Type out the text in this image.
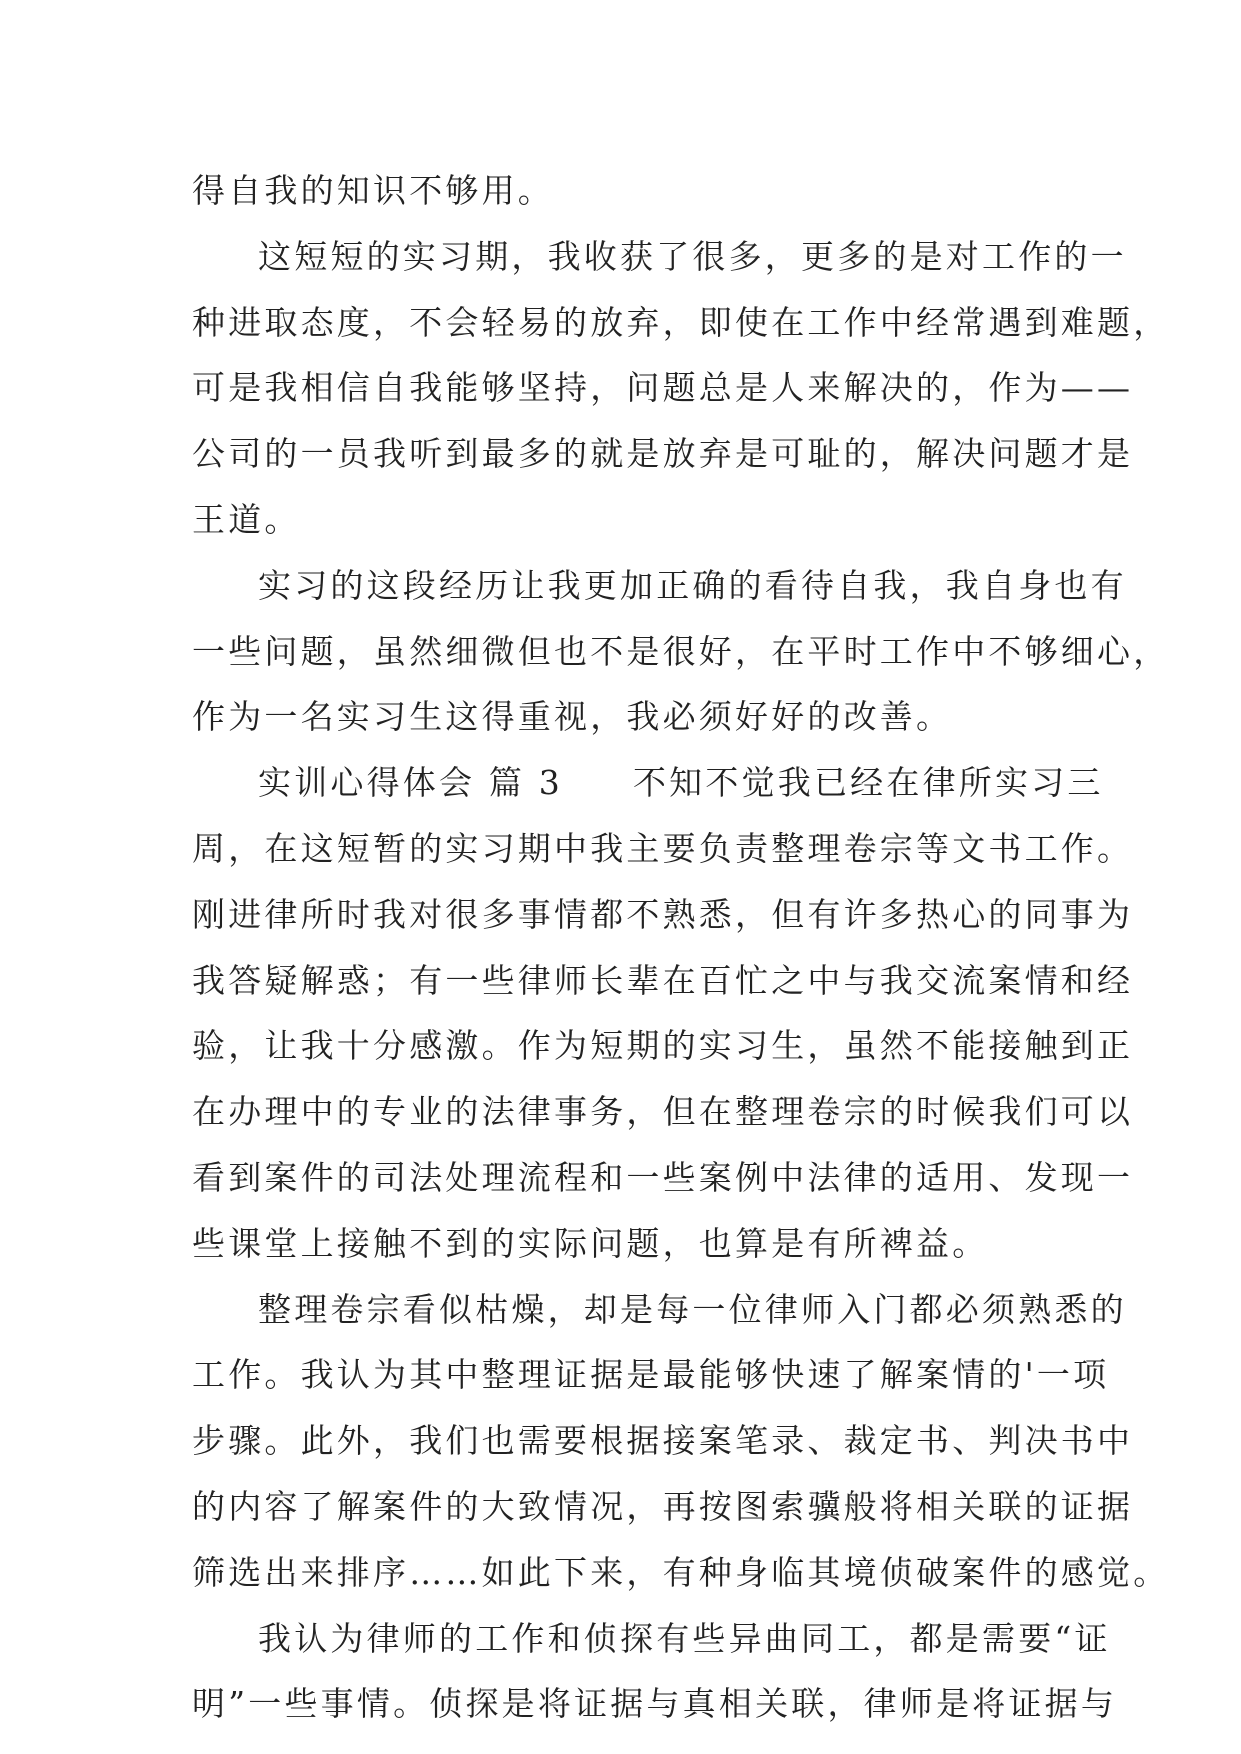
得自我的知识不够用。
这短短的实习期，我收获了很多，更多的是对工作的一
种进取态度，不会轻易的放弃，即使在工作中经常遇到难题，
可是我相信自我能够坚持，问题总是人来解决的，作为——
公司的一员我听到最多的就是放弃是可耻的，解决问题才是
王道。
实习的这段经历让我更加正确的看待自我，我自身也有
一些问题，虽然细微但也不是很好，在平时工作中不够细心，
作为一名实习生这得重视，我必须好好的改善。
实训心得体会 篇 3 不知不觉我已经在律所实习三
周，在这短暂的实习期中我主要负责整理卷宗等文书工作。
刚进律所时我对很多事情都不熟悉，但有许多热心的同事为
我答疑解惑；有一些律师长辈在百忙之中与我交流案情和经
验，让我十分感激。作为短期的实习生，虽然不能接触到正
在办理中的专业的法律事务，但在整理卷宗的时候我们可以
看到案件的司法处理流程和一些案例中法律的适用、发现一
些课堂上接触不到的实际问题，也算是有所裨益。
整理卷宗看似枯燥，却是每一位律师入门都必须熟悉的
工作。我认为其中整理证据是最能够快速了解案情的'一项
步骤。此外，我们也需要根据接案笔录、裁定书、判决书中
的内容了解案件的大致情况，再按图索骥般将相关联的证据
筛选出来排序……如此下来，有种身临其境侦破案件的感觉。
我认为律师的工作和侦探有些异曲同工，都是需要“证
明”一些事情。侦探是将证据与真相关联，律师是将证据与
